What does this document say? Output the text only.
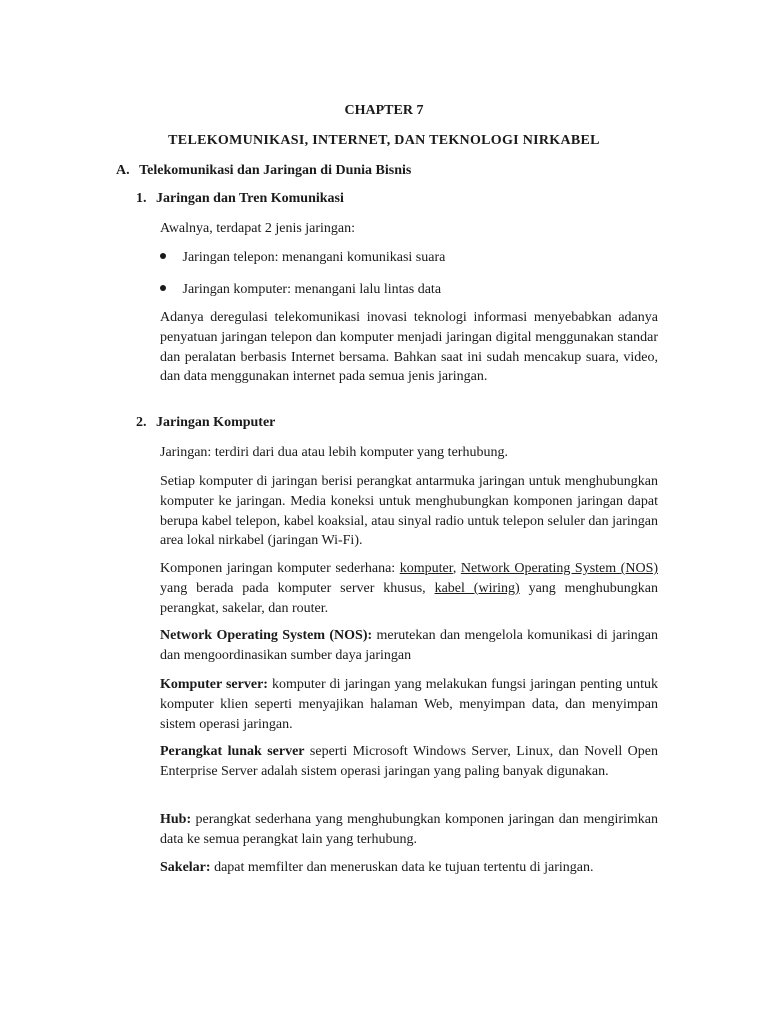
CHAPTER 7
TELEKOMUNIKASI, INTERNET, DAN TEKNOLOGI NIRKABEL
A. Telekomunikasi dan Jaringan di Dunia Bisnis
1. Jaringan dan Tren Komunikasi
Awalnya, terdapat 2 jenis jaringan:
Jaringan telepon: menangani komunikasi suara
Jaringan komputer: menangani lalu lintas data
Adanya deregulasi telekomunikasi inovasi teknologi informasi menyebabkan adanya penyatuan jaringan telepon dan komputer menjadi jaringan digital menggunakan standar dan peralatan berbasis Internet bersama. Bahkan saat ini sudah mencakup suara, video, dan data menggunakan internet pada semua jenis jaringan.
2. Jaringan Komputer
Jaringan: terdiri dari dua atau lebih komputer yang terhubung.
Setiap komputer di jaringan berisi perangkat antarmuka jaringan untuk menghubungkan komputer ke jaringan. Media koneksi untuk menghubungkan komponen jaringan dapat berupa kabel telepon, kabel koaksial, atau sinyal radio untuk telepon seluler dan jaringan area lokal nirkabel (jaringan Wi-Fi).
Komponen jaringan komputer sederhana: komputer, Network Operating System (NOS) yang berada pada komputer server khusus, kabel (wiring) yang menghubungkan perangkat, sakelar, dan router.
Network Operating System (NOS): merutekan dan mengelola komunikasi di jaringan dan mengoordinasikan sumber daya jaringan
Komputer server: komputer di jaringan yang melakukan fungsi jaringan penting untuk komputer klien seperti menyajikan halaman Web, menyimpan data, dan menyimpan sistem operasi jaringan.
Perangkat lunak server seperti Microsoft Windows Server, Linux, dan Novell Open Enterprise Server adalah sistem operasi jaringan yang paling banyak digunakan.
Hub: perangkat sederhana yang menghubungkan komponen jaringan dan mengirimkan data ke semua perangkat lain yang terhubung.
Sakelar: dapat memfilter dan meneruskan data ke tujuan tertentu di jaringan.
